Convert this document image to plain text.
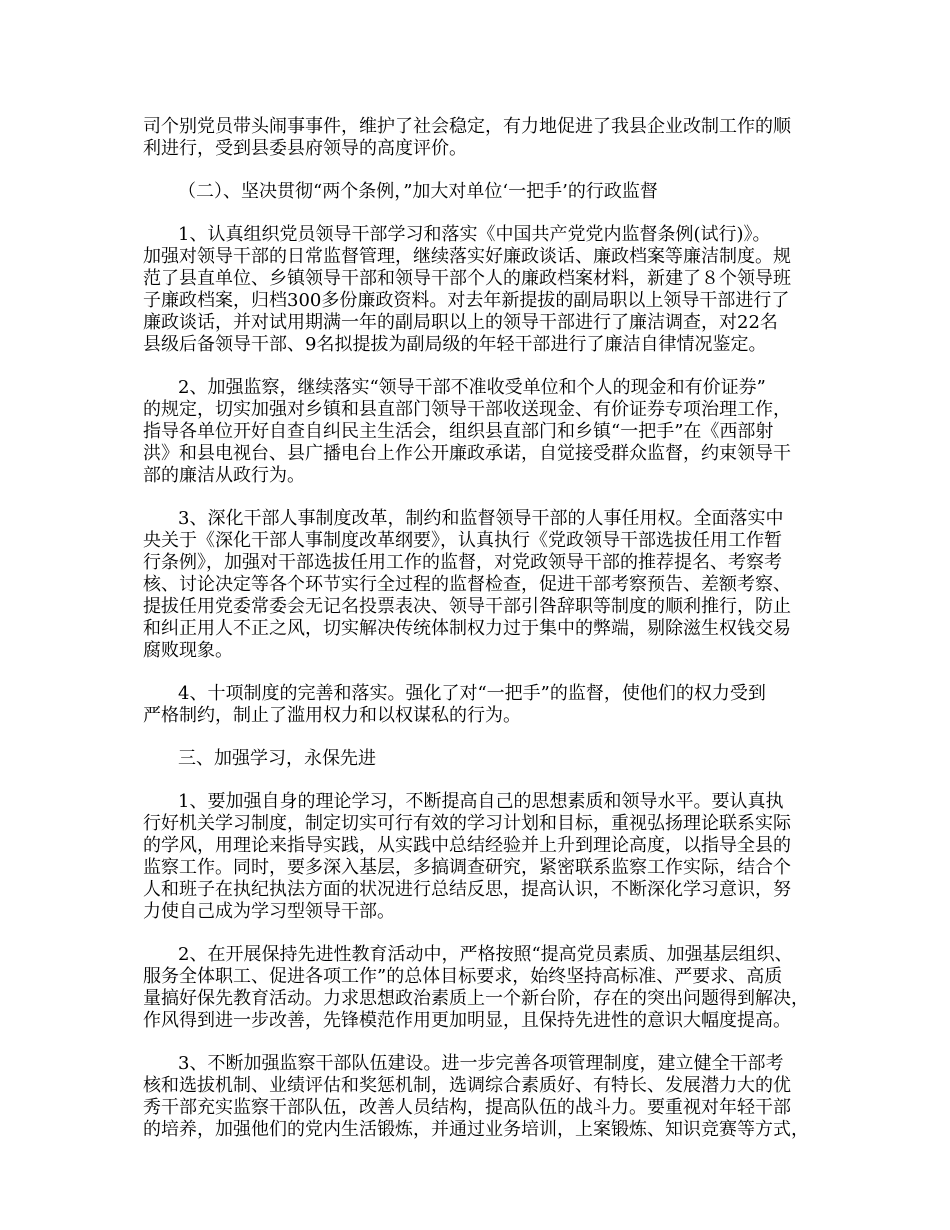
司个别党员带头闹事事件，维护了社会稳定，有力地促进了我县企业改制工作的顺
利进行，受到县委县府领导的高度评价。
（二）、坚决贯彻“两个条例，”加大对单位‘一把手’的行政监督
1、认真组织党员领导干部学习和落实《中国共产党党内监督条例(试行)》。
加强对领导干部的日常监督管理，继续落实好廉政谈话、廉政档案等廉洁制度。规
范了县直单位、乡镇领导干部和领导干部个人的廉政档案材料，新建了８个领导班
子廉政档案，归档300多份廉政资料。对去年新提拔的副局职以上领导干部进行了
廉政谈话，并对试用期满一年的副局职以上的领导干部进行了廉洁调查，对22名
县级后备领导干部、9名拟提拔为副局级的年轻干部进行了廉洁自律情况鉴定。
2、加强监察，继续落实“领导干部不准收受单位和个人的现金和有价证券”
的规定，切实加强对乡镇和县直部门领导干部收送现金、有价证券专项治理工作，
指导各单位开好自查自纠民主生活会，组织县直部门和乡镇“一把手”在《西部射
洪》和县电视台、县广播电台上作公开廉政承诺，自觉接受群众监督，约束领导干
部的廉洁从政行为。
3、深化干部人事制度改革，制约和监督领导干部的人事任用权。全面落实中
央关于《深化干部人事制度改革纲要》，认真执行《党政领导干部选拔任用工作暂
行条例》，加强对干部选拔任用工作的监督，对党政领导干部的推荐提名、考察考
核、讨论决定等各个环节实行全过程的监督检查，促进干部考察预告、差额考察、
提拔任用党委常委会无记名投票表决、领导干部引咎辞职等制度的顺利推行，防止
和纠正用人不正之风，切实解决传统体制权力过于集中的弊端，剔除滋生权钱交易
腐败现象。
4、十项制度的完善和落实。强化了对“一把手”的监督，使他们的权力受到
严格制约，制止了滥用权力和以权谋私的行为。
三、加强学习，永保先进
1、要加强自身的理论学习，不断提高自己的思想素质和领导水平。要认真执
行好机关学习制度，制定切实可行有效的学习计划和目标，重视弘扬理论联系实际
的学风，用理论来指导实践，从实践中总结经验并上升到理论高度，以指导全县的
监察工作。同时，要多深入基层，多搞调查研究，紧密联系监察工作实际，结合个
人和班子在执纪执法方面的状况进行总结反思，提高认识，不断深化学习意识，努
力使自己成为学习型领导干部。
2、在开展保持先进性教育活动中，严格按照“提高党员素质、加强基层组织、
服务全体职工、促进各项工作”的总体目标要求，始终坚持高标准、严要求、高质
量搞好保先教育活动。力求思想政治素质上一个新台阶，存在的突出问题得到解决，
作风得到进一步改善，先锋模范作用更加明显，且保持先进性的意识大幅度提高。
3、不断加强监察干部队伍建设。进一步完善各项管理制度，建立健全干部考
核和选拔机制、业绩评估和奖惩机制，选调综合素质好、有特长、发展潜力大的优
秀干部充实监察干部队伍，改善人员结构，提高队伍的战斗力。要重视对年轻干部
的培养，加强他们的党内生活锻炼，并通过业务培训，上案锻炼、知识竞赛等方式，
